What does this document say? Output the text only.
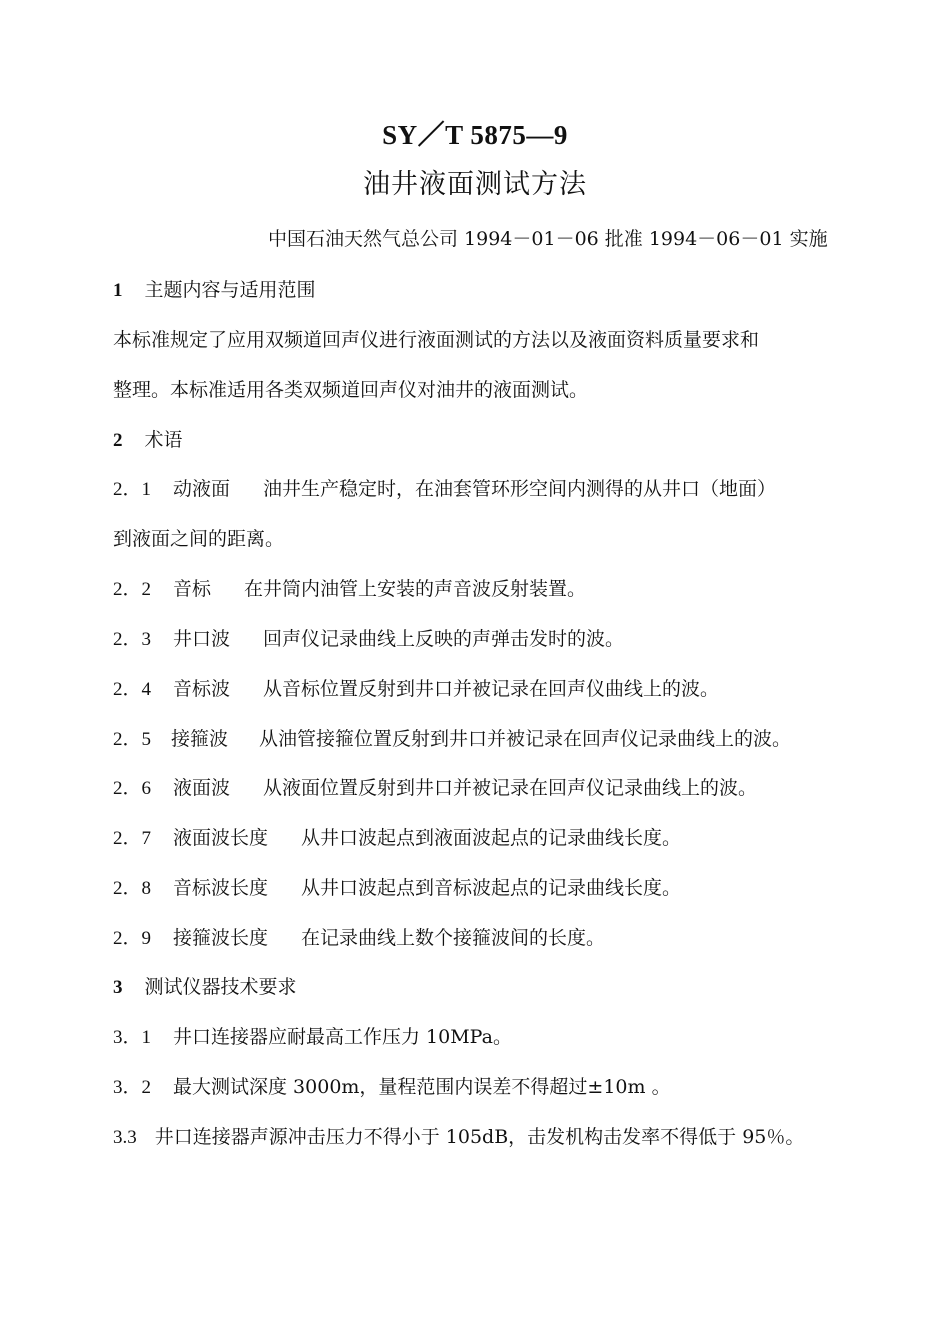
SY／T 5875—9
油井液面测试方法
中国石油天然气总公司 1994－01－06 批准 1994－06－01 实施
1 主题内容与适用范围
本标准规定了应用双频道回声仪进行液面测试的方法以及液面资料质量要求和
整理。本标准适用各类双频道回声仪对油井的液面测试。
2 术语
2．1 动液面 油井生产稳定时，在油套管环形空间内测得的从井口（地面）
到液面之间的距离。
2．2 音标 在井筒内油管上安装的声音波反射装置。
2．3 井口波 回声仪记录曲线上反映的声弹击发时的波。
2．4 音标波 从音标位置反射到井口并被记录在回声仪曲线上的波。
2．5 接箍波 从油管接箍位置反射到井口并被记录在回声仪记录曲线上的波。
2．6 液面波 从液面位置反射到井口并被记录在回声仪记录曲线上的波。
2．7 液面波长度 从井口波起点到液面波起点的记录曲线长度。
2．8 音标波长度 从井口波起点到音标波起点的记录曲线长度。
2．9 接箍波长度 在记录曲线上数个接箍波间的长度。
3 测试仪器技术要求
3．1 井口连接器应耐最高工作压力 10MPa。
3．2 最大测试深度 3000m，量程范围内误差不得超过±10m 。
3.3 井口连接器声源冲击压力不得小于 105dB，击发机构击发率不得低于 95％。
